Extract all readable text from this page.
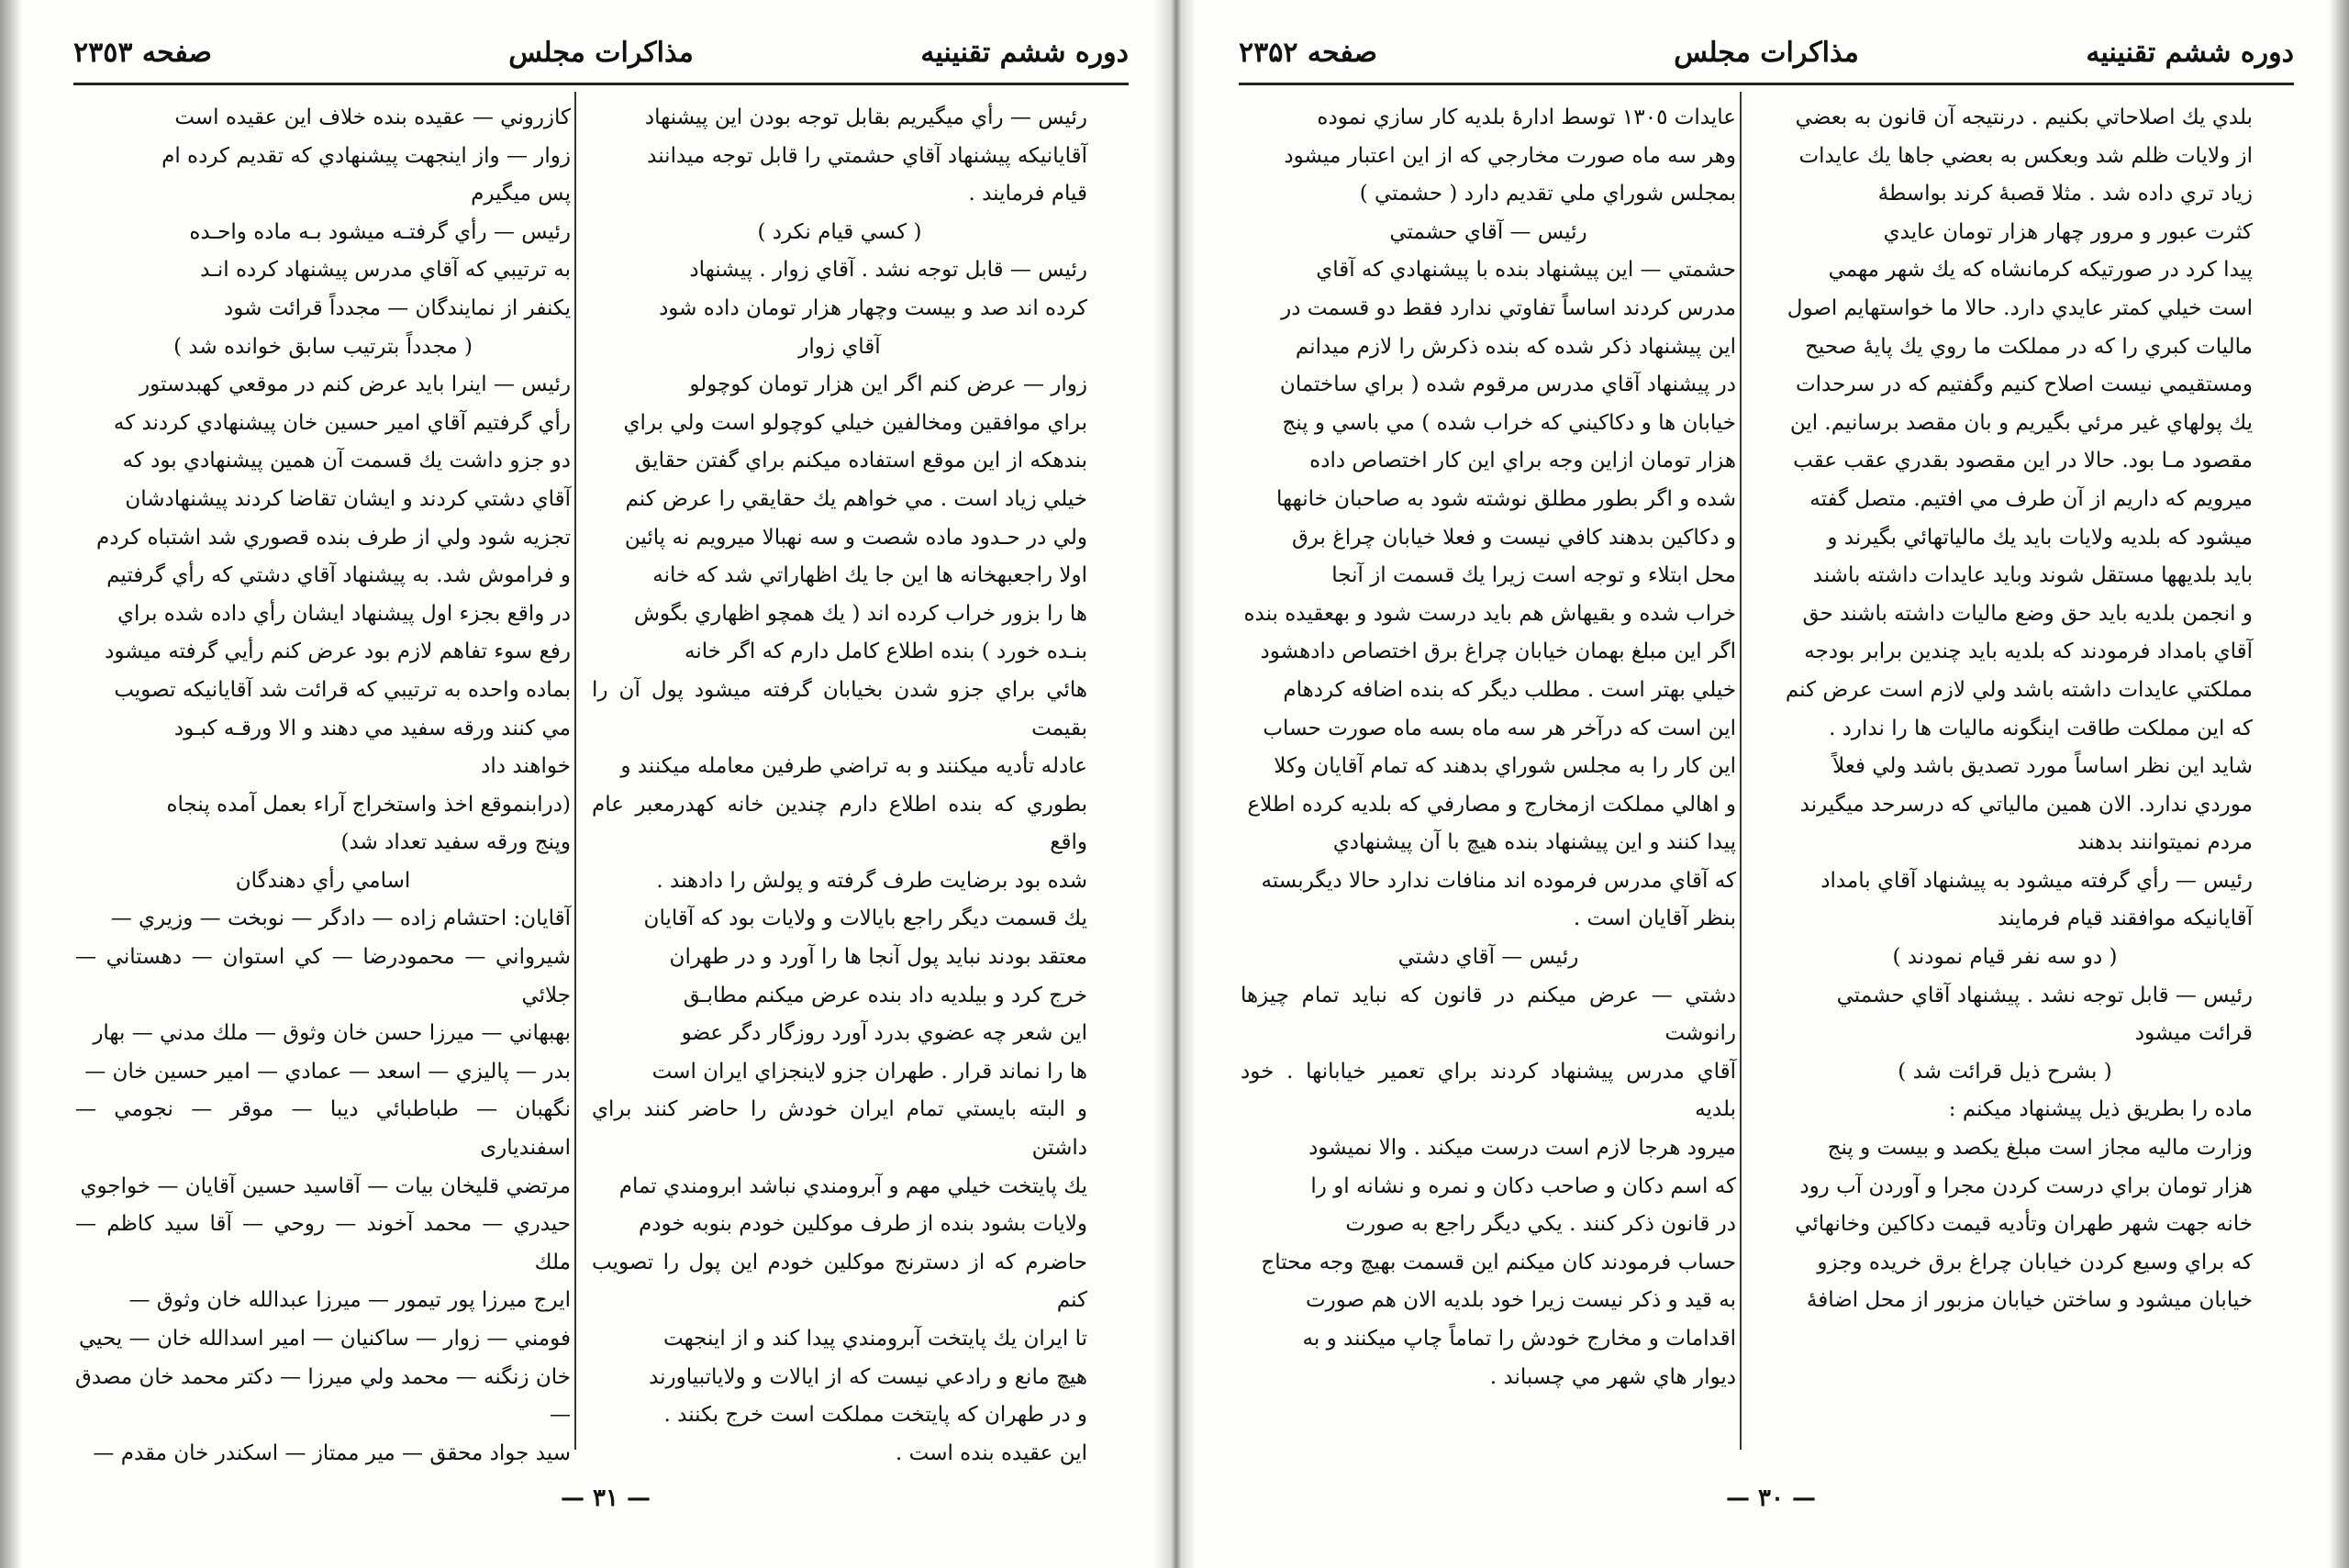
دوره ششم تقنینیه
مذاکرات مجلس
صفحه ٢٣٥٣

رئيس — رأي ميگيريم بقابل توجه بودن اين پيشنهاد

آقايانيكه پيشنهاد آقاي حشمتي را قابل توجه ميدانند

قيام فرمايند .

( كسي قيام نكرد )

رئيس — قابل توجه نشد . آقاي زوار . پيشنهاد

كرده اند صد و بيست وچهار هزار تومان داده شود

آقاي زوار

زوار — عرض كنم اگر اين هزار تومان كوچولو

براي موافقين ومخالفين خيلي كوچولو است ولي براي

بندهكه از اين موقع استفاده ميكنم براي گفتن حقايق

خيلي زياد است . مي خواهم يك حقايقي را عرض كنم

ولي در حـدود ماده شصت و سه نهبالا ميرويم نه پائين

اولا راجعبهخانه ها اين جا يك اظهاراتي شد كه خانه

ها را بزور خراب كرده اند ( يك همچو اظهاري بگوش

بنـده خورد ) بنده اطلاع كامل دارم كه اگر خانه

هائي براي جزو شدن بخيابان گرفته ميشود پول آن را بقيمت

عادله تأديه ميكنند و به تراضي طرفين معامله ميكنند و

بطوري كه بنده اطلاع دارم چندين خانه كهدرمعبر عام واقع

شده بود برضايت طرف گرفته و پولش را دادهند .

يك قسمت ديگر راجع بايالات و ولايات بود كه آقايان

معتقد بودند نبايد پول آنجا ها را آورد و در طهران

خرج كرد و بيلديه داد بنده عرض ميكنم مطابـق

اين شعر چه عضوي بدرد آورد روزگار دگر عضو

ها را نماند قرار . طهران جزو لاينجزاي ايران است

و البته بايستي تمام ايران خودش را حاضر كنند براي داشتن

يك پايتخت خيلي مهم و آبرومندي نباشد ابرومندي تمام

ولايات بشود بنده از طرف موكلين خودم بنوبه خودم

حاضرم كه از دسترنج موكلين خودم اين پول را تصويب كنم

تا ايران يك پايتخت آبرومندي پيدا كند و از اينجهت

هيچ مانع و رادعي نيست كه از ايالات و ولاياتبياورند

و در طهران كه پايتخت مملكت است خرج بكنند .

اين عقيده بنده است .

كازروني — عقيده بنده خلاف اين عقيده است

زوار — واز اينجهت پيشنهادي كه تقديم كرده ام

پس ميگيرم

رئيس — رأي گرفتـه ميشود بـه ماده واحـده

به ترتيبي كه آقاي مدرس پيشنهاد كرده انـد

يكنفر از نمايندگان — مجدداً قرائت شود

( مجدداً بترتيب سابق خوانده شد )

رئيس — اينرا بايد عرض كنم در موقعي كهبدستور

رأي گرفتيم آقاي امير حسين خان پيشنهادي كردند كه

دو جزو داشت يك قسمت آن همين پيشنهادي بود كه

آقاي دشتي كردند و ايشان تقاضا كردند پيشنهادشان

تجزيه شود ولي از طرف بنده قصوري شد اشتباه كردم

و فراموش شد. به پيشنهاد آقاي دشتي كه رأي گرفتيم

در واقع بجزء اول پيشنهاد ايشان رأي داده شده براي

رفع سوء تفاهم لازم بود عرض كنم رأيي گرفته ميشود

بماده واحده به ترتيبي كه قرائت شد آقايانيكه تصويب

مي كنند ورقه سفيد مي دهند و الا ورقـه كبـود

خواهند داد

(درابنموقع اخذ واستخراج آراء بعمل آمده پنجاه

وپنج ورقه سفيد تعداد شد)

اسامي رأي دهندگان

آقايان: احتشام زاده — دادگر — نوبخت — وزيري —

شيرواني — محمودرضا — كي استوان — دهستاني — جلائي

بهبهاني — ميرزا حسن خان وثوق — ملك مدني — بهار

بدر — پالیزي — اسعد — عمادي — امير حسين خان —

نگهبان — طباطبائي ديبا — موقر — نجومي — اسفنديارى

مرتضي قليخان بيات — آقاسيد حسين آقايان — خواجوي

حيدري — محمد آخوند — روحي — آقا سيد كاظم — ملك

ايرج ميرزا پور تيمور — ميرزا عبدالله خان وثوق —

فومني — زوار — ساكنيان — امير اسدالله خان — يحيي

خان زنگنه — محمد ولي ميرزا — دكتر محمد خان مصدق —

سيد جواد محقق — مير ممتاز — اسكندر خان مقدم —

— ٣١ —
دوره ششم تقنینیه
مذاکرات مجلس
صفحه ۲۳۵۲

بلدي يك اصلاحاتي بكنيم . درنتيجه آن قانون به بعضي

از ولايات ظلم شد وبعكس به بعضي جاها يك عايدات

زياد تري داده شد . مثلا قصبهٔ كرند بواسطهٔ

كثرت عبور و مرور چهار هزار تومان عايدي

پيدا كرد در صورتيكه كرمانشاه كه يك شهر مهمي

است خيلي كمتر عايدي دارد. حالا ما خواستهايم اصول

ماليات كبري را كه در مملكت ما روي يك پايهٔ صحيح

ومستقيمي نيست اصلاح كنيم وگفتيم كه در سرحدات

يك پولهاي غير مرئي بگيريم و بان مقصد برسانيم. اين

مقصود مـا بود. حالا در اين مقصود بقدري عقب عقب

ميرويم كه داريم از آن طرف مي افتيم. متصل گفته

ميشود كه بلديه ولايات بايد يك مالياتهائي بگيرند و

بايد بلديهها مستقل شوند وبايد عايدات داشته باشند

و انجمن بلديه بايد حق وضع ماليات داشته باشند حق

آقاي بامداد فرمودند كه بلديه بايد چندين برابر بودجه

مملكتي عايدات داشته باشد ولي لازم است عرض كنم

كه اين مملكت طاقت اينگونه ماليات ها را ندارد .

شايد اين نظر اساساً مورد تصديق باشد ولي فعلاً

موردي ندارد. الان همين مالياتي كه درسرحد ميگيرند

مردم نميتوانند بدهند

رئيس — رأي گرفته ميشود به پيشنهاد آقاي بامداد

آقايانيكه موافقند قيام فرمايند

( دو سه نفر قيام نمودند )

رئيس — قابل توجه نشد . پيشنهاد آقاي حشمتي

قرائت ميشود

( بشرح ذيل قرائت شد )

ماده را بطريق ذيل پيشنهاد ميكنم :

وزارت ماليه مجاز است مبلغ يكصد و بيست و پنج

هزار تومان براي درست كردن مجرا و آوردن آب رود

خانه جهت شهر طهران وتأديه قيمت دكاكين وخانهائي

كه براي وسيع كردن خيابان چراغ برق خريده وجزو

خيابان ميشود و ساختن خيابان مزبور از محل اضافهٔ

عايدات ١٣٠٥ توسط ادارهٔ بلديه كار سازي نموده

وهر سه ماه صورت مخارجي كه از اين اعتبار ميشود

بمجلس شوراي ملي تقديم دارد ( حشمتي )

رئيس — آقاي حشمتي

حشمتي — اين پيشنهاد بنده با پيشنهادي كه آقاي

مدرس كردند اساساً تفاوتي ندارد فقط دو قسمت در

اين پيشنهاد ذكر شده كه بنده ذكرش را لازم ميدانم

در پيشنهاد آقاي مدرس مرقوم شده ( براي ساختمان

خيابان ها و دكاكيني كه خراب شده ) مي باسي و پنج

هزار تومان ازاين وجه براي اين كار اختصاص داده

شده و اگر بطور مطلق نوشته شود به صاحبان خانهها

و دكاكين بدهند كافي نيست و فعلا خيابان چراغ برق

محل ابتلاء و توجه است زيرا يك قسمت از آنجا

خراب شده و بقيهاش هم بايد درست شود و بهعقيده بنده

اگر اين مبلغ بهمان خيابان چراغ برق اختصاص دادهشود

خيلي بهتر است . مطلب ديگر كه بنده اضافه كردهام

اين است كه درآخر هر سه ماه بسه ماه صورت حساب

اين كار را به مجلس شوراي بدهند كه تمام آقايان وكلا

و اهالي مملكت ازمخارج و مصارفي كه بلديه كرده اطلاع

پيدا كنند و اين پيشنهاد بنده هيچ با آن پيشنهادي

كه آقاي مدرس فرموده اند منافات ندارد حالا ديگربسته

بنظر آقايان است .

رئيس — آقاي دشتي

دشتي — عرض ميكنم در قانون كه نبايد تمام چيزها رانوشت

آقاي مدرس پيشنهاد كردند براي تعمير خيابانها . خود بلديه

ميرود هرجا لازم است درست ميكند . والا نميشود

كه اسم دكان و صاحب دكان و نمره و نشانه او را

در قانون ذكر كنند . يكي ديگر راجع به صورت

حساب فرمودند كان ميكنم اين قسمت بهيچ وجه محتاج

به قيد و ذكر نيست زيرا خود بلديه الان هم صورت

اقدامات و مخارج خودش را تماماً چاپ ميكنند و به

ديوار هاي شهر مي چسباند .

— ٣٠ —
